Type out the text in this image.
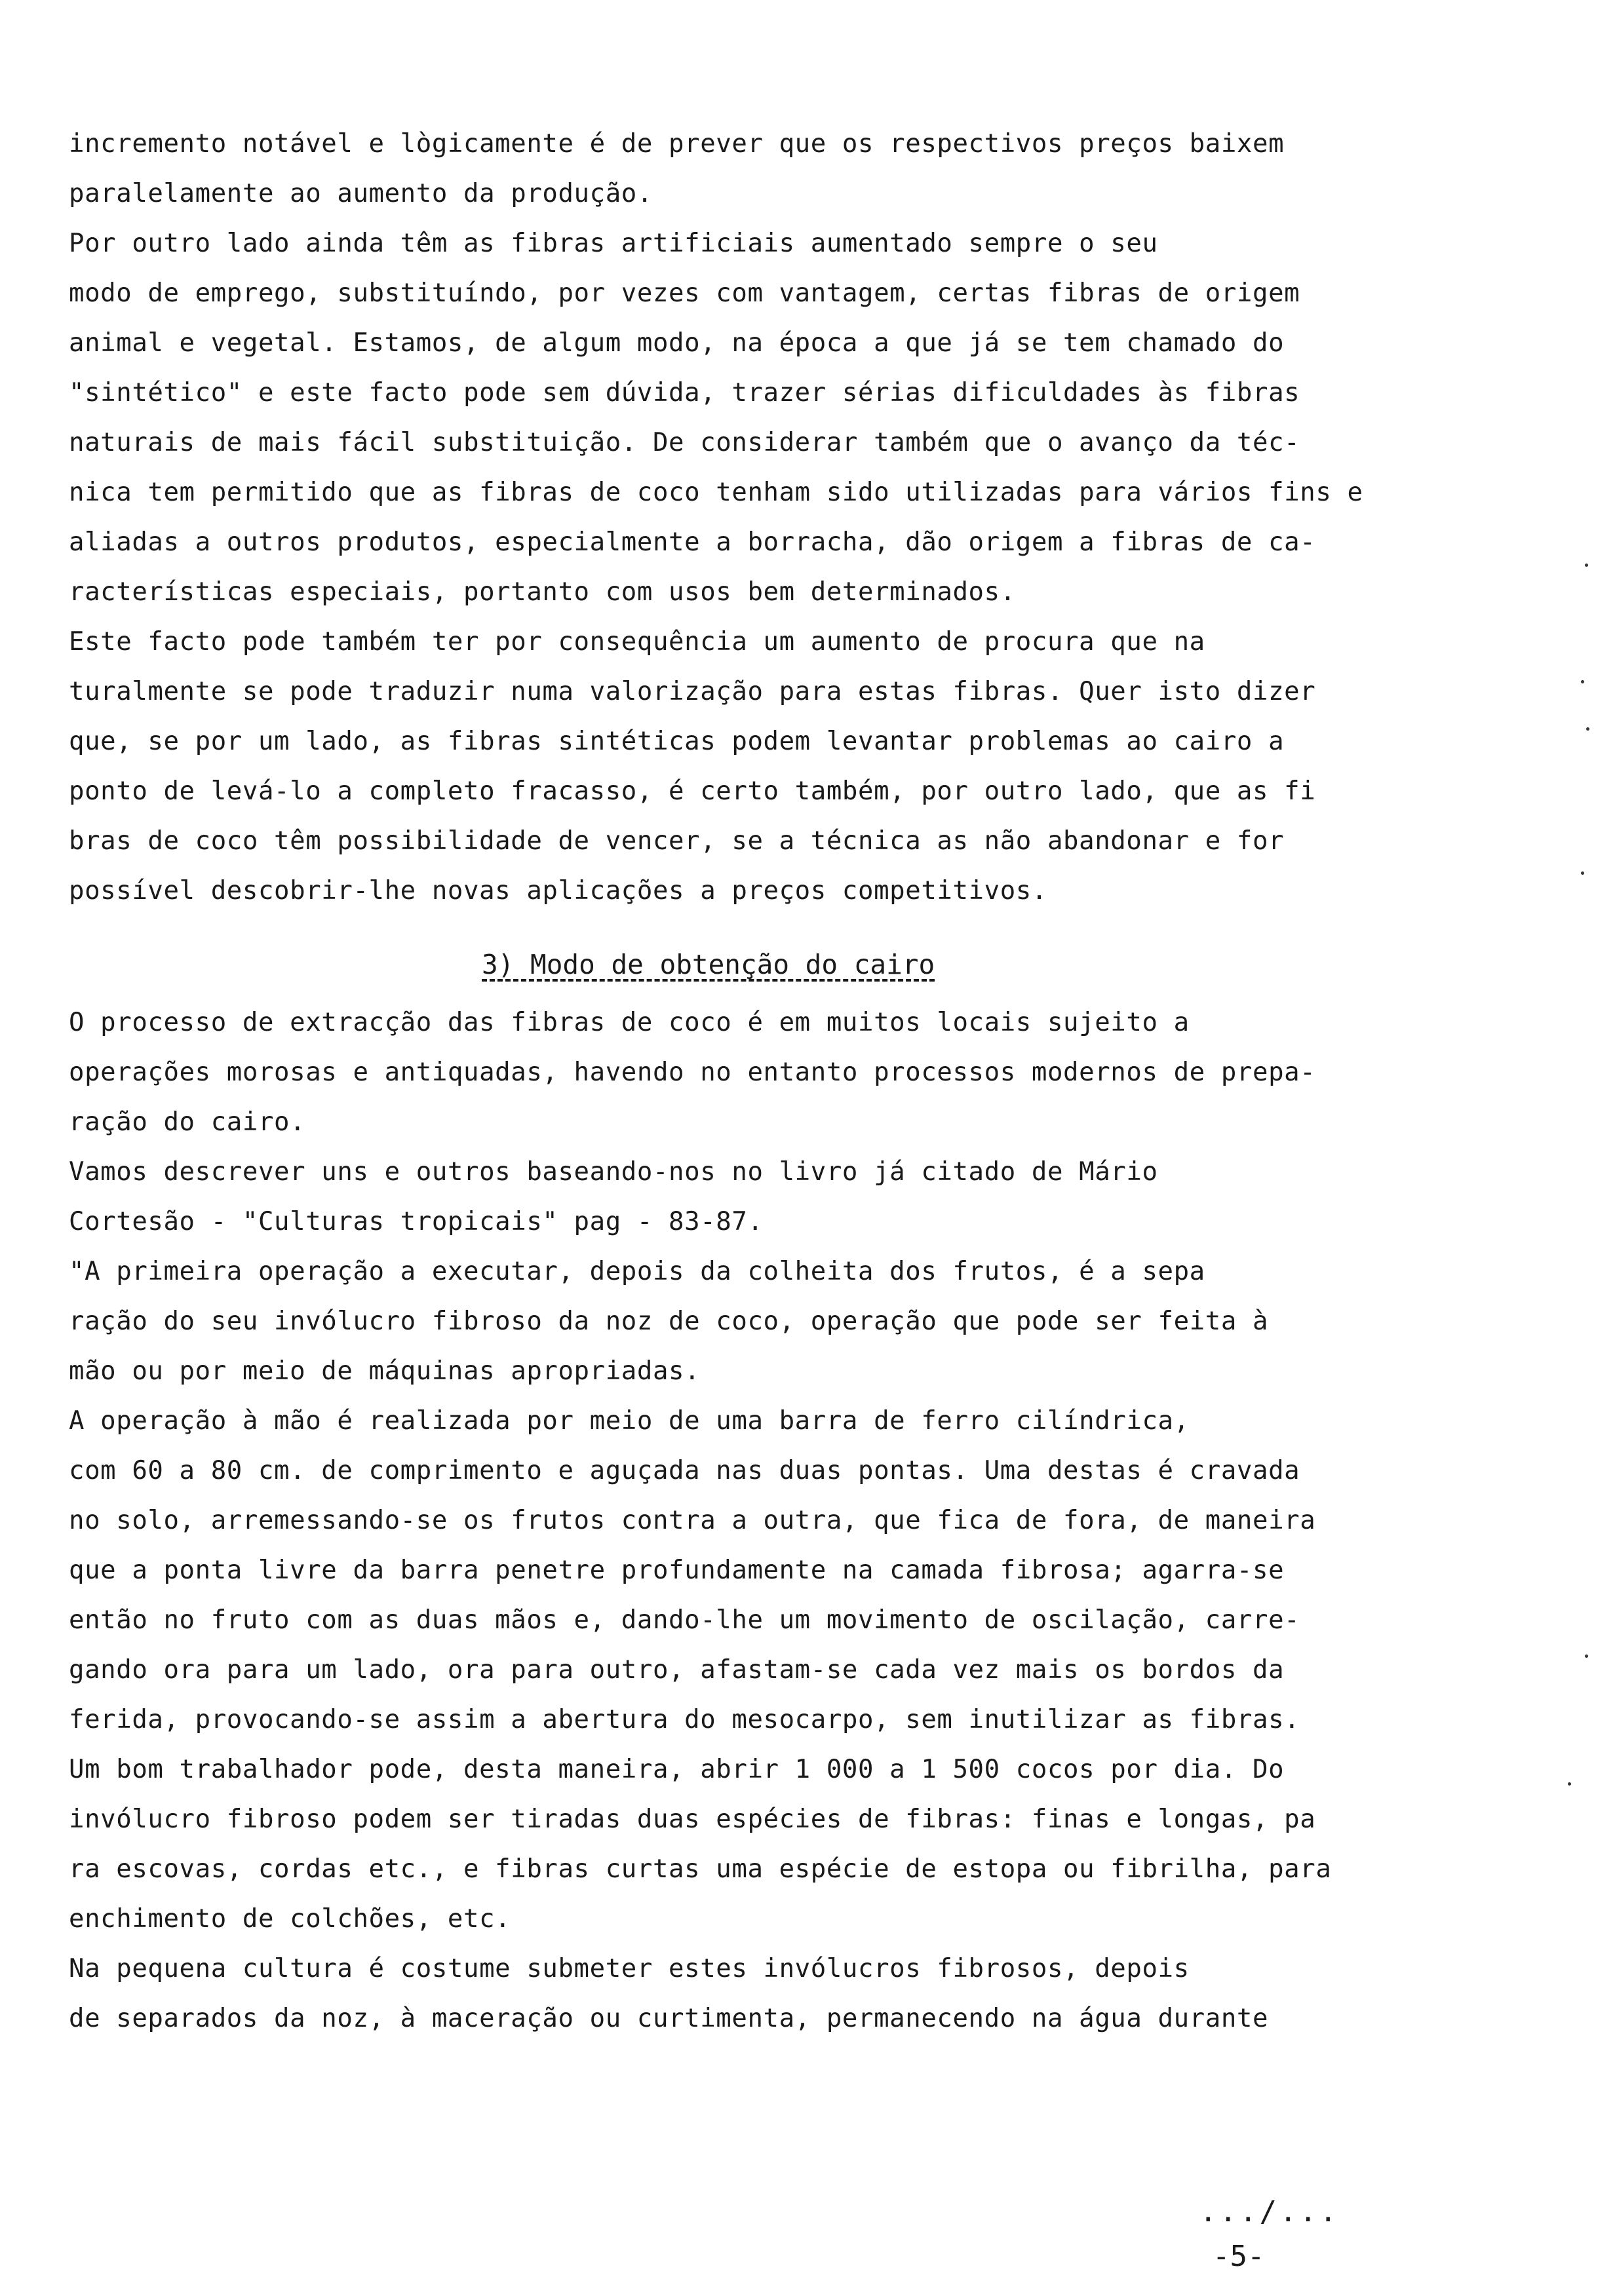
incremento notável e lògicamente é de prever que os respectivos preços baixem
paralelamente ao aumento da produção.
Por outro lado ainda têm as fibras artificiais aumentado sempre o seu
modo de emprego, substituíndo, por vezes com vantagem, certas fibras de origem
animal e vegetal. Estamos, de algum modo, na época a que já se tem chamado do
"sintético" e este facto pode sem dúvida, trazer sérias dificuldades às fibras
naturais de mais fácil substituição. De considerar também que o avanço da téc-
nica tem permitido que as fibras de coco tenham sido utilizadas para vários fins e
aliadas a outros produtos, especialmente a borracha, dão origem a fibras de ca-
racterísticas especiais, portanto com usos bem determinados.
Este facto pode também ter por consequência um aumento de procura que na
turalmente se pode traduzir numa valorização para estas fibras. Quer isto dizer
que, se por um lado, as fibras sintéticas podem levantar problemas ao cairo a
ponto de levá-lo a completo fracasso, é certo também, por outro lado, que as fi
bras de coco têm possibilidade de vencer, se a técnica as não abandonar e for
possível descobrir-lhe novas aplicações a preços competitivos.
3) Modo de obtenção do cairo
O processo de extracção das fibras de coco é em muitos locais sujeito a
operações morosas e antiquadas, havendo no entanto processos modernos de prepa-
ração do cairo.
Vamos descrever uns e outros baseando-nos no livro já citado de Mário
Cortesão - "Culturas tropicais" pag - 83-87.
"A primeira operação a executar, depois da colheita dos frutos, é a sepa
ração do seu invólucro fibroso da noz de coco, operação que pode ser feita à
mão ou por meio de máquinas apropriadas.
A operação à mão é realizada por meio de uma barra de ferro cilíndrica,
com 60 a 80 cm. de comprimento e aguçada nas duas pontas. Uma destas é cravada
no solo, arremessando-se os frutos contra a outra, que fica de fora, de maneira
que a ponta livre da barra penetre profundamente na camada fibrosa; agarra-se
então no fruto com as duas mãos e, dando-lhe um movimento de oscilação, carre-
gando ora para um lado, ora para outro, afastam-se cada vez mais os bordos da
ferida, provocando-se assim a abertura do mesocarpo, sem inutilizar as fibras.
Um bom trabalhador pode, desta maneira, abrir 1 000 a 1 500 cocos por dia. Do
invólucro fibroso podem ser tiradas duas espécies de fibras: finas e longas, pa
ra escovas, cordas etc., e fibras curtas uma espécie de estopa ou fibrilha, para
enchimento de colchões, etc.
Na pequena cultura é costume submeter estes invólucros fibrosos, depois
de separados da noz, à maceração ou curtimenta, permanecendo na água durante
.../...
-5-
